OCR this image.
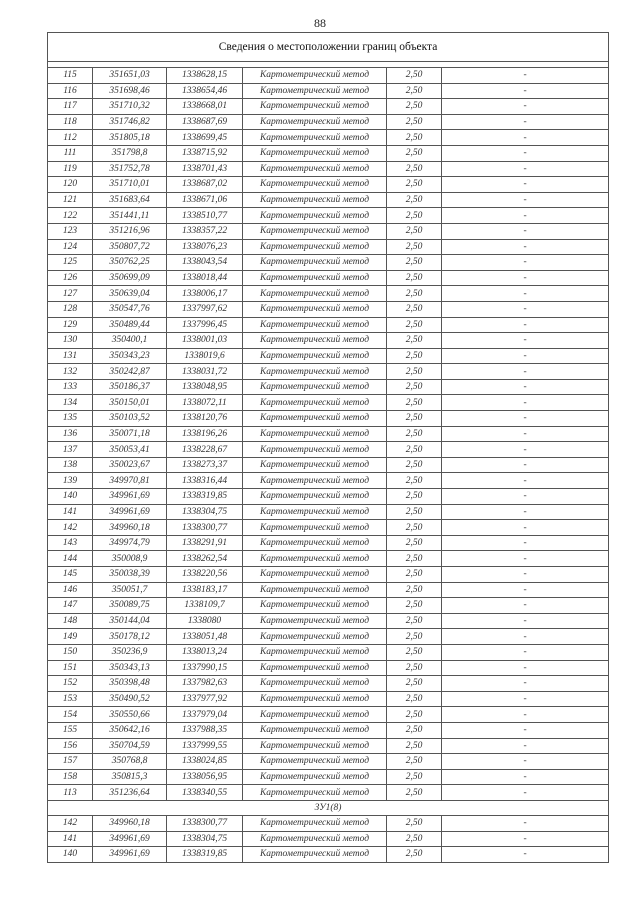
88
Сведения о местоположении границ объекта					

115	351651,03	1338628,15	Картометрический метод	2,50	-
116	351698,46	1338654,46	Картометрический метод	2,50	-
117	351710,32	1338668,01	Картометрический метод	2,50	-
118	351746,82	1338687,69	Картометрический метод	2,50	-
112	351805,18	1338699,45	Картометрический метод	2,50	-
111	351798,8	1338715,92	Картометрический метод	2,50	-
119	351752,78	1338701,43	Картометрический метод	2,50	-
120	351710,01	1338687,02	Картометрический метод	2,50	-
121	351683,64	1338671,06	Картометрический метод	2,50	-
122	351441,11	1338510,77	Картометрический метод	2,50	-
123	351216,96	1338357,22	Картометрический метод	2,50	-
124	350807,72	1338076,23	Картометрический метод	2,50	-
125	350762,25	1338043,54	Картометрический метод	2,50	-
126	350699,09	1338018,44	Картометрический метод	2,50	-
127	350639,04	1338006,17	Картометрический метод	2,50	-
128	350547,76	1337997,62	Картометрический метод	2,50	-
129	350489,44	1337996,45	Картометрический метод	2,50	-
130	350400,1	1338001,03	Картометрический метод	2,50	-
131	350343,23	1338019,6	Картометрический метод	2,50	-
132	350242,87	1338031,72	Картометрический метод	2,50	-
133	350186,37	1338048,95	Картометрический метод	2,50	-
134	350150,01	1338072,11	Картометрический метод	2,50	-
135	350103,52	1338120,76	Картометрический метод	2,50	-
136	350071,18	1338196,26	Картометрический метод	2,50	-
137	350053,41	1338228,67	Картометрический метод	2,50	-
138	350023,67	1338273,37	Картометрический метод	2,50	-
139	349970,81	1338316,44	Картометрический метод	2,50	-
140	349961,69	1338319,85	Картометрический метод	2,50	-
141	349961,69	1338304,75	Картометрический метод	2,50	-
142	349960,18	1338300,77	Картометрический метод	2,50	-
143	349974,79	1338291,91	Картометрический метод	2,50	-
144	350008,9	1338262,54	Картометрический метод	2,50	-
145	350038,39	1338220,56	Картометрический метод	2,50	-
146	350051,7	1338183,17	Картометрический метод	2,50	-
147	350089,75	1338109,7	Картометрический метод	2,50	-
148	350144,04	1338080	Картометрический метод	2,50	-
149	350178,12	1338051,48	Картометрический метод	2,50	-
150	350236,9	1338013,24	Картометрический метод	2,50	-
151	350343,13	1337990,15	Картометрический метод	2,50	-
152	350398,48	1337982,63	Картометрический метод	2,50	-
153	350490,52	1337977,92	Картометрический метод	2,50	-
154	350550,66	1337979,04	Картометрический метод	2,50	-
155	350642,16	1337988,35	Картометрический метод	2,50	-
156	350704,59	1337999,55	Картометрический метод	2,50	-
157	350768,8	1338024,85	Картометрический метод	2,50	-
158	350815,3	1338056,95	Картометрический метод	2,50	-
113	351236,64	1338340,55	Картометрический метод	2,50	-
ЗУ1(8)					
142	349960,18	1338300,77	Картометрический метод	2,50	-
141	349961,69	1338304,75	Картометрический метод	2,50	-
140	349961,69	1338319,85	Картометрический метод	2,50	-
